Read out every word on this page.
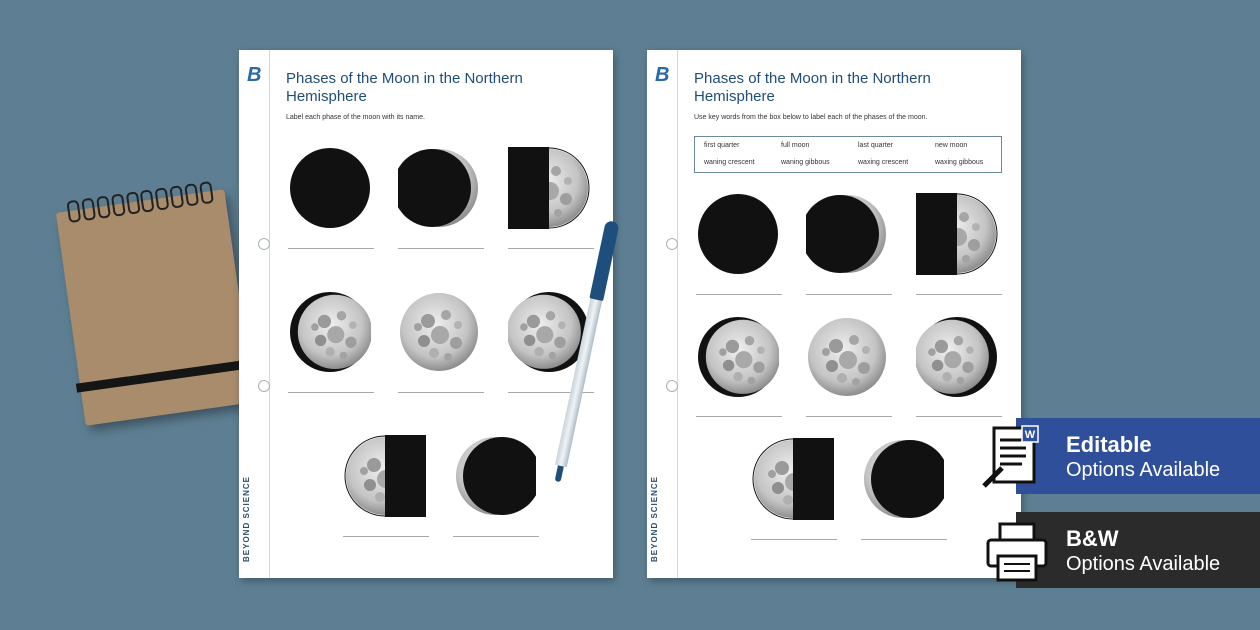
B
BEYOND SCIENCE
Phases of the Moon in the Northern Hemisphere
Label each phase of the moon with its name.
B
BEYOND SCIENCE
Phases of the Moon in the Northern Hemisphere
Use key words from the box below to label each of the phases of the moon.
first quarter	full moon	last quarter	new moon
waning crescent	waning gibbous	waxing crescent	waxing gibbous
W Editable
Options Available
B&W
Options Available
